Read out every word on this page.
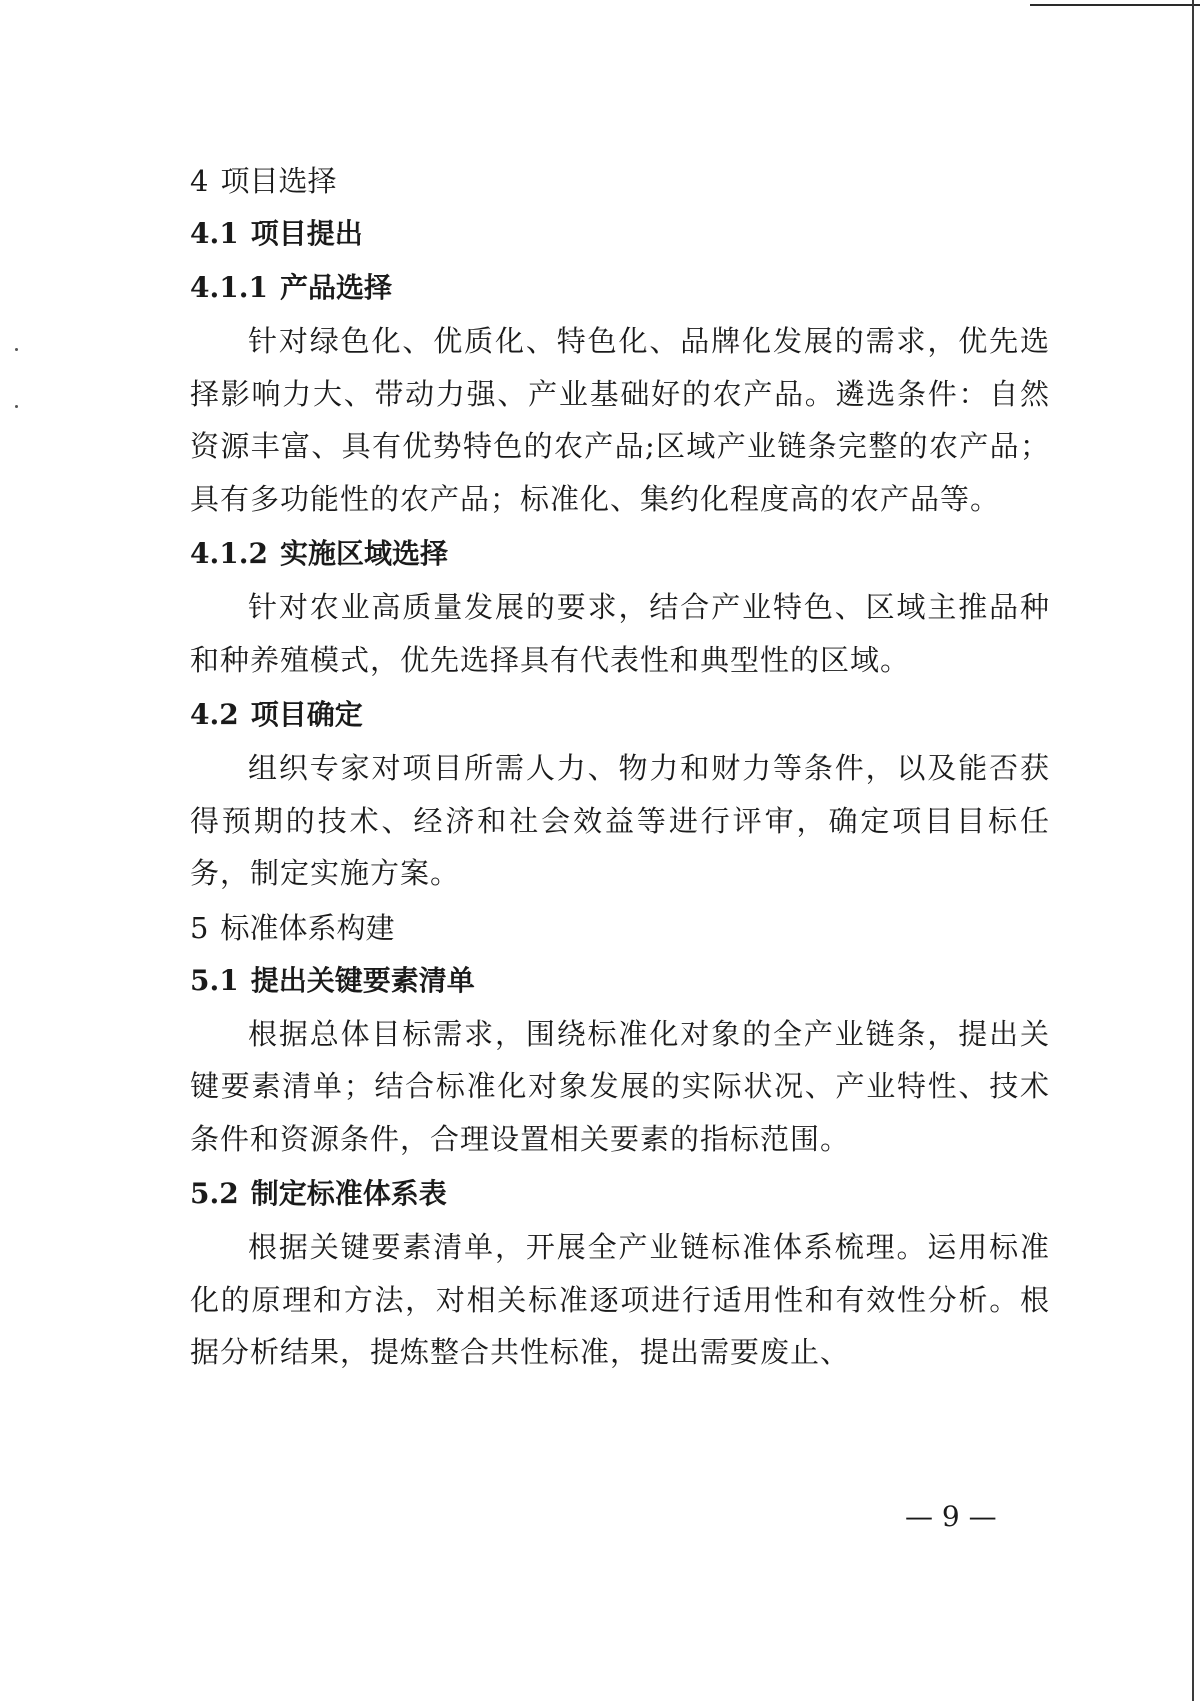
4 项目选择
4.1 项目提出
4.1.1 产品选择

针对绿色化、优质化、特色化、品牌化发展的需求，优先选择影响力大、带动力强、产业基础好的农产品。遴选条件：自然资源丰富、具有优势特色的农产品;区域产业链条完整的农产品；具有多功能性的农产品；标准化、集约化程度高的农产品等。

4.1.2 实施区域选择

针对农业高质量发展的要求，结合产业特色、区域主推品种和种养殖模式，优先选择具有代表性和典型性的区域。

4.2 项目确定

组织专家对项目所需人力、物力和财力等条件，以及能否获得预期的技术、经济和社会效益等进行评审，确定项目目标任务，制定实施方案。

5 标准体系构建
5.1 提出关键要素清单

根据总体目标需求，围绕标准化对象的全产业链条，提出关键要素清单；结合标准化对象发展的实际状况、产业特性、技术条件和资源条件，合理设置相关要素的指标范围。

5.2 制定标准体系表

根据关键要素清单，开展全产业链标准体系梳理。运用标准化的原理和方法，对相关标准逐项进行适用性和有效性分析。根据分析结果，提炼整合共性标准，提出需要废止、

— 9 —
